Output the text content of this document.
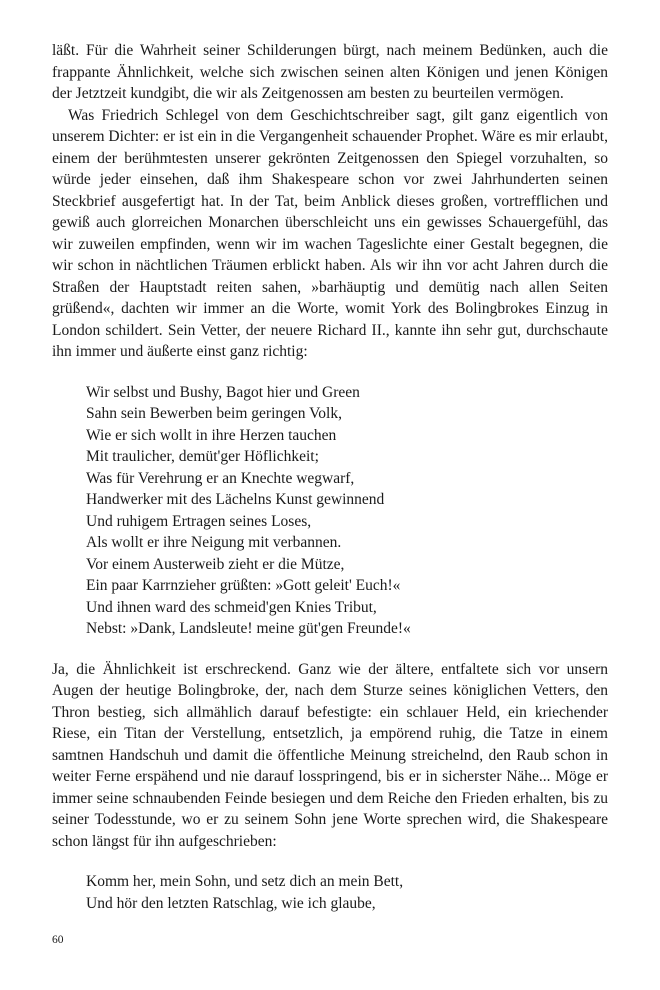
läßt. Für die Wahrheit seiner Schilderungen bürgt, nach meinem Bedünken, auch die frappante Ähnlichkeit, welche sich zwischen seinen alten Königen und jenen Königen der Jetztzeit kundgibt, die wir als Zeitgenossen am besten zu beurteilen vermögen.

Was Friedrich Schlegel von dem Geschichtschreiber sagt, gilt ganz eigentlich von unserem Dichter: er ist ein in die Vergangenheit schauender Prophet. Wäre es mir erlaubt, einem der berühmtesten unserer gekrönten Zeitgenossen den Spiegel vorzuhalten, so würde jeder einsehen, daß ihm Shakespeare schon vor zwei Jahrhunderten seinen Steckbrief ausgefertigt hat. In der Tat, beim Anblick dieses großen, vortrefflichen und gewiß auch glorreichen Monarchen überschleicht uns ein gewisses Schauergefühl, das wir zuweilen empfinden, wenn wir im wachen Tageslichte einer Gestalt begegnen, die wir schon in nächtlichen Träumen erblickt haben. Als wir ihn vor acht Jahren durch die Straßen der Hauptstadt reiten sahen, »barhäuptig und demütig nach allen Seiten grüßend«, dachten wir immer an die Worte, womit York des Bolingbrokes Einzug in London schildert. Sein Vetter, der neuere Richard II., kannte ihn sehr gut, durchschaute ihn immer und äußerte einst ganz richtig:

Wir selbst und Bushy, Bagot hier und Green
Sahn sein Bewerben beim geringen Volk,
Wie er sich wollt in ihre Herzen tauchen
Mit traulicher, demüt'ger Höflichkeit;
Was für Verehrung er an Knechte wegwarf,
Handwerker mit des Lächelns Kunst gewinnend
Und ruhigem Ertragen seines Loses,
Als wollt er ihre Neigung mit verbannen.
Vor einem Austerweib zieht er die Mütze,
Ein paar Karrnzieher grüßten: »Gott geleit' Euch!«
Und ihnen ward des schmeid'gen Knies Tribut,
Nebst: »Dank, Landsleute! meine güt'gen Freunde!«

Ja, die Ähnlichkeit ist erschreckend. Ganz wie der ältere, entfaltete sich vor unsern Augen der heutige Bolingbroke, der, nach dem Sturze seines königlichen Vetters, den Thron bestieg, sich allmählich darauf befestigte: ein schlauer Held, ein kriechender Riese, ein Titan der Verstellung, entsetzlich, ja empörend ruhig, die Tatze in einem samtnen Handschuh und damit die öffentliche Meinung streichelnd, den Raub schon in weiter Ferne erspähend und nie darauf losspringend, bis er in sicherster Nähe... Möge er immer seine schnaubenden Feinde besiegen und dem Reiche den Frieden erhalten, bis zu seiner Todesstunde, wo er zu seinem Sohn jene Worte sprechen wird, die Shakespeare schon längst für ihn aufgeschrieben:

Komm her, mein Sohn, und setz dich an mein Bett,
Und hör den letzten Ratschlag, wie ich glaube,
60
